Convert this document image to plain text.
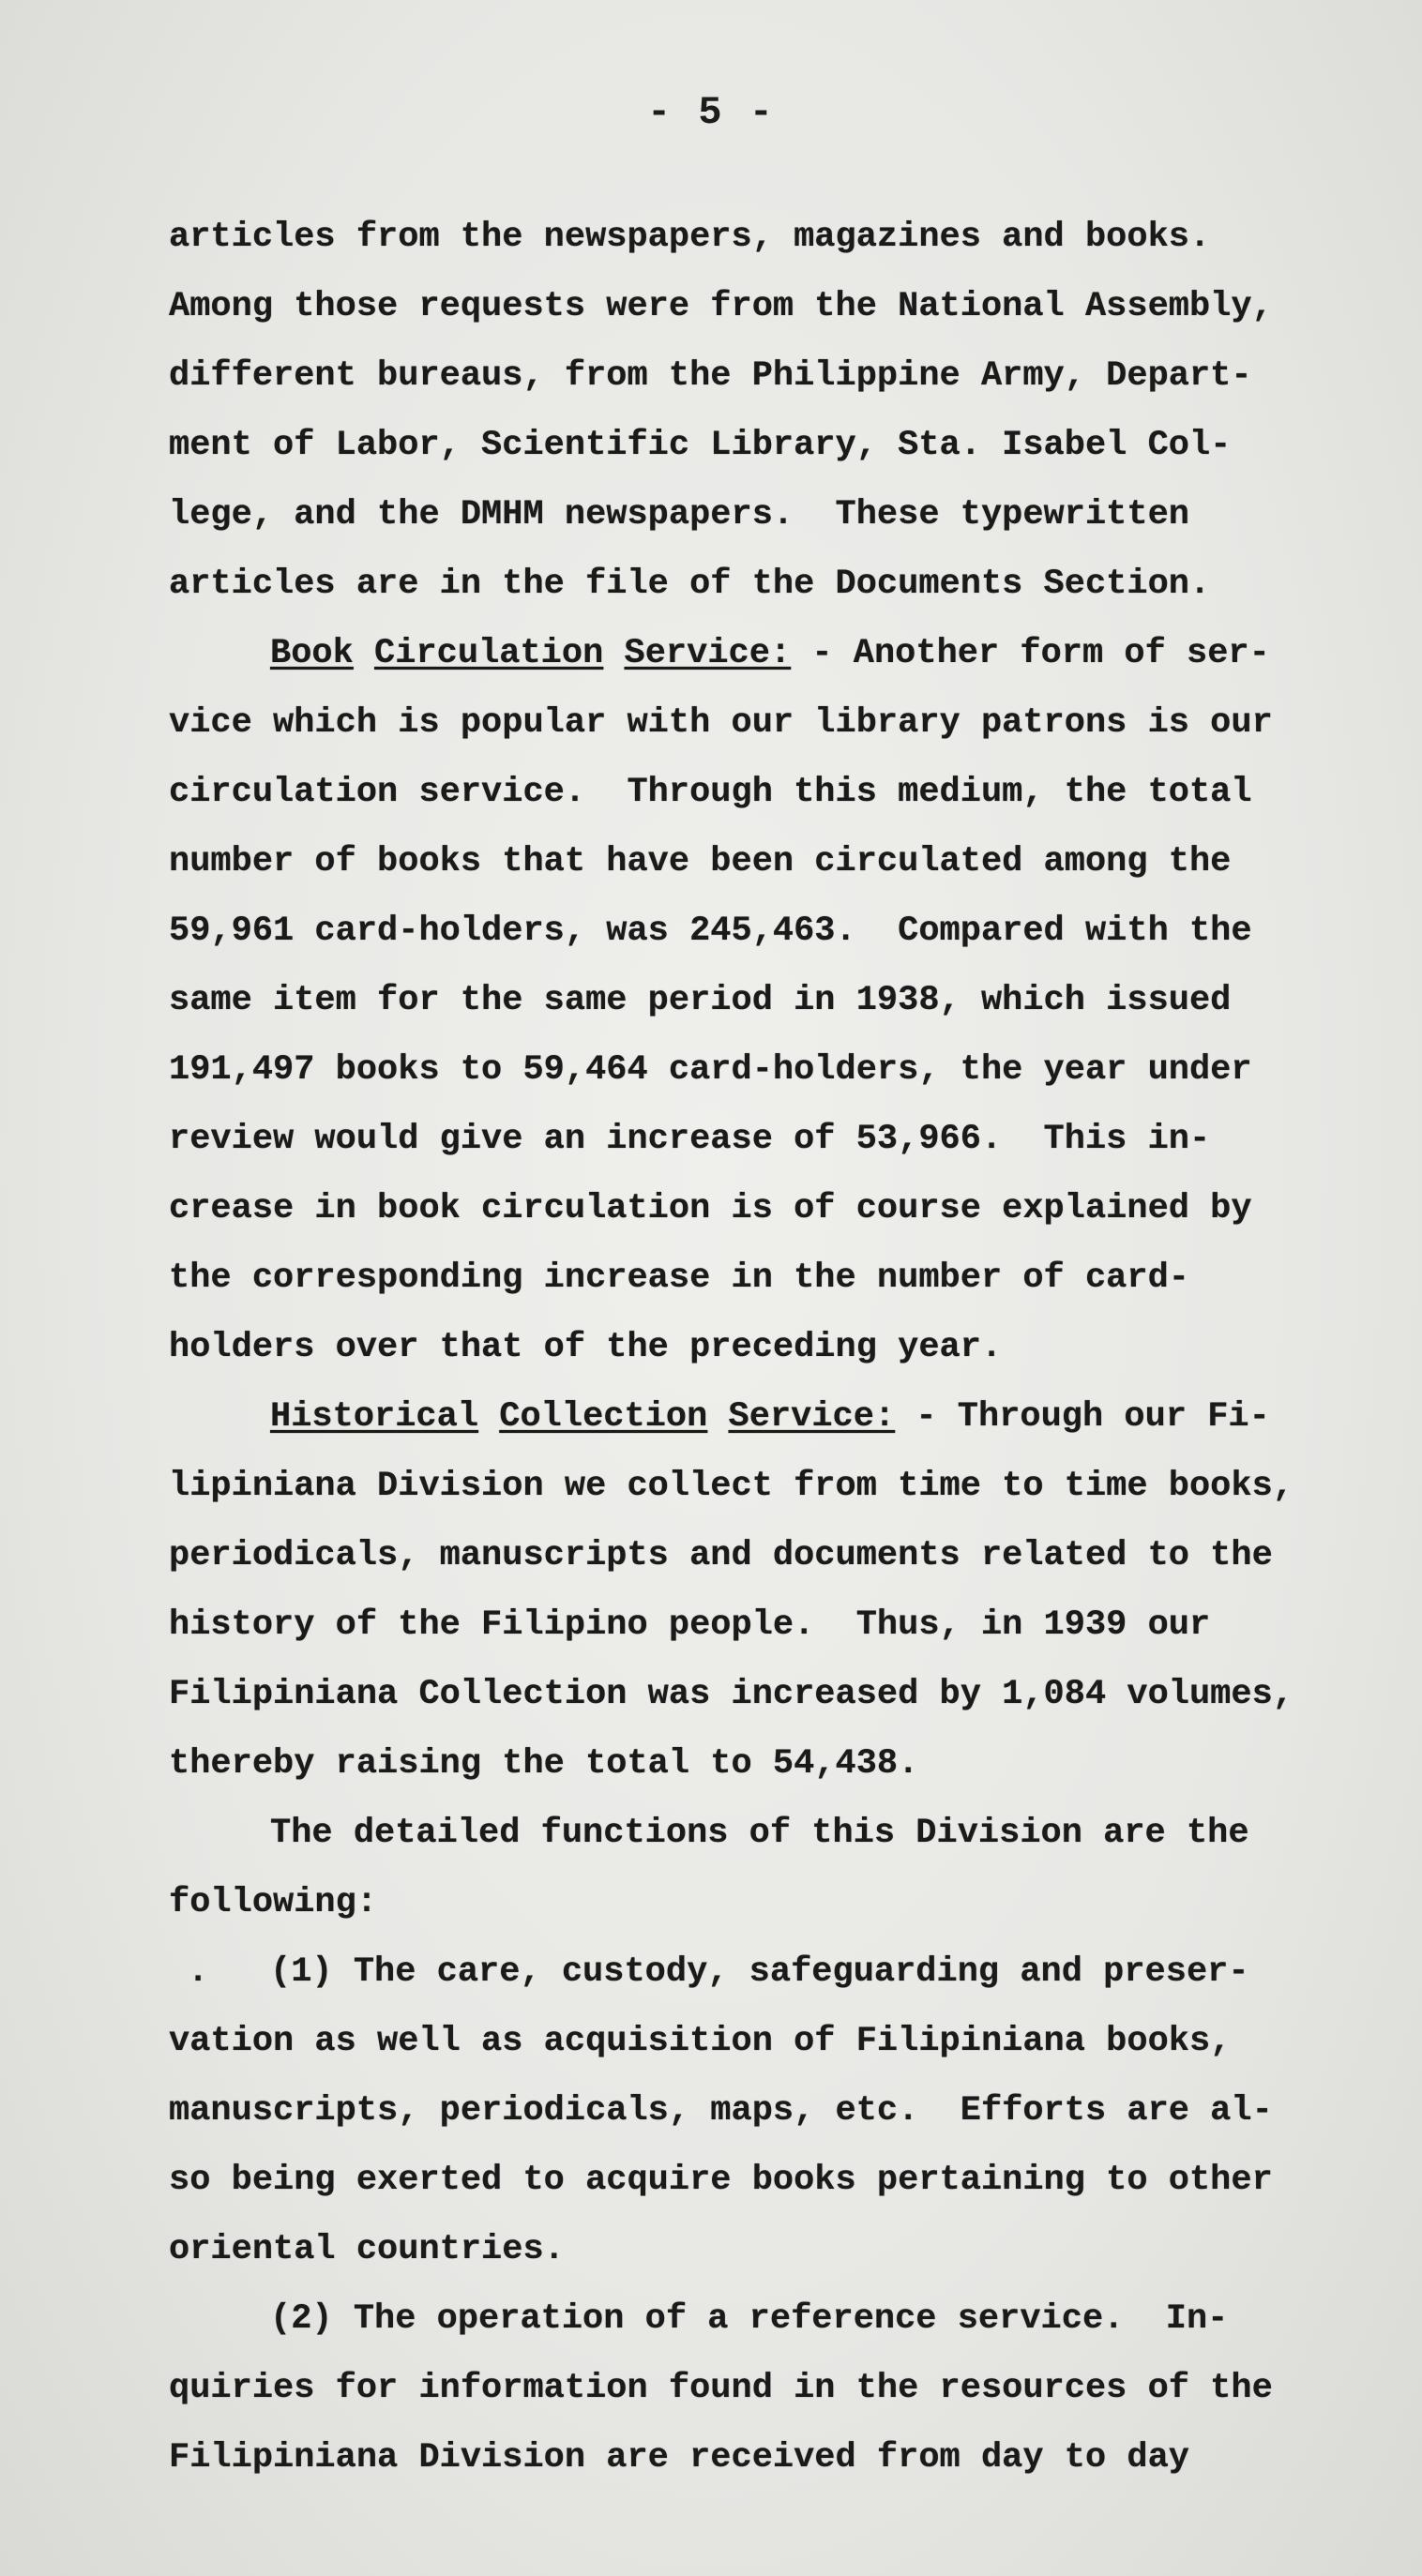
- 5 -
articles from the newspapers, magazines and books.
Among those requests were from the National Assembly,
different bureaus, from the Philippine Army, Depart-
ment of Labor, Scientific Library, Sta. Isabel Col-
lege, and the DMHM newspapers.  These typewritten
articles are in the file of the Documents Section.
Book Circulation Service: - Another form of ser-
vice which is popular with our library patrons is our
circulation service.  Through this medium, the total
number of books that have been circulated among the
59,961 card-holders, was 245,463.  Compared with the
same item for the same period in 1938, which issued
191,497 books to 59,464 card-holders, the year under
review would give an increase of 53,966.  This in-
crease in book circulation is of course explained by
the corresponding increase in the number of card-
holders over that of the preceding year.
Historical Collection Service: - Through our Fi-
lipiniana Division we collect from time to time books,
periodicals, manuscripts and documents related to the
history of the Filipino people.  Thus, in 1939 our
Filipiniana Collection was increased by 1,084 volumes,
thereby raising the total to 54,438.
The detailed functions of this Division are the
following:
. (1) The care, custody, safeguarding and preser-
vation as well as acquisition of Filipiniana books,
manuscripts, periodicals, maps, etc.  Efforts are al-
so being exerted to acquire books pertaining to other
oriental countries.
(2) The operation of a reference service.  In-
quiries for information found in the resources of the
Filipiniana Division are received from day to day
